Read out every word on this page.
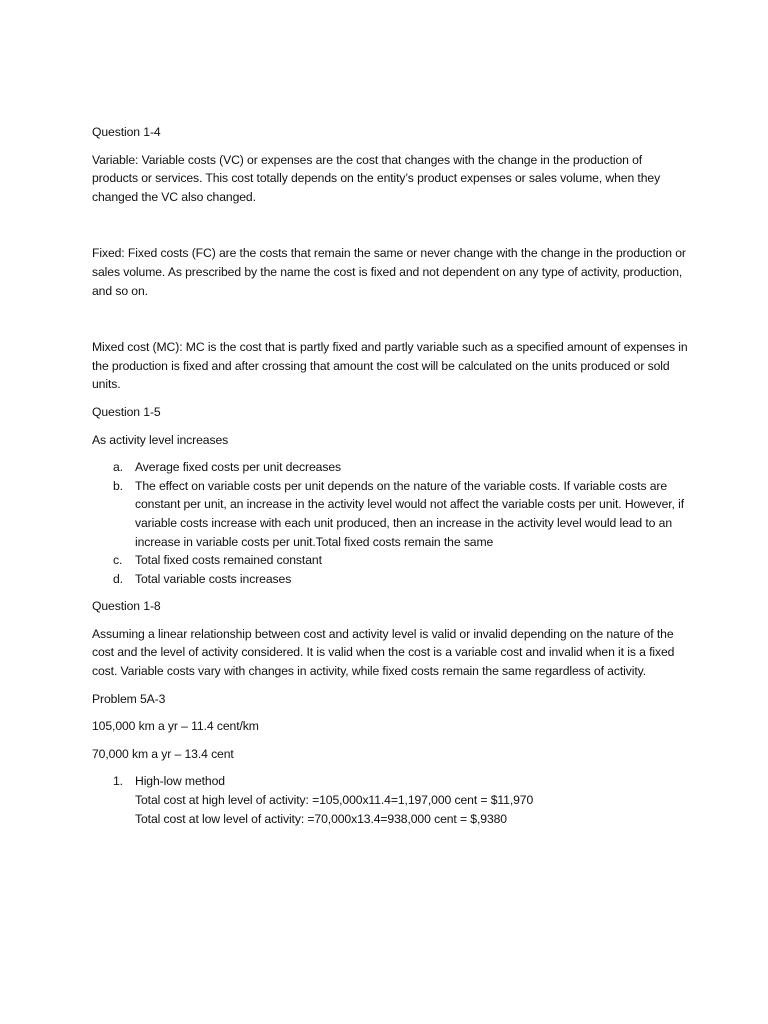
Question 1-4

Variable: Variable costs (VC) or expenses are the cost that changes with the change in the production of products or services. This cost totally depends on the entity’s product expenses or sales volume, when they changed the VC also changed.

Fixed: Fixed costs (FC) are the costs that remain the same or never change with the change in the production or sales volume. As prescribed by the name the cost is fixed and not dependent on any type of activity, production, and so on.

Mixed cost (MC): MC is the cost that is partly fixed and partly variable such as a specified amount of expenses in the production is fixed and after crossing that amount the cost will be calculated on the units produced or sold units.

Question 1-5

As activity level increases

a. Average fixed costs per unit decreases
b. The effect on variable costs per unit depends on the nature of the variable costs. If variable costs are constant per unit, an increase in the activity level would not affect the variable costs per unit. However, if variable costs increase with each unit produced, then an increase in the activity level would lead to an increase in variable costs per unit.Total fixed costs remain the same
c. Total fixed costs remained constant
d. Total variable costs increases

Question 1-8

Assuming a linear relationship between cost and activity level is valid or invalid depending on the nature of the cost and the level of activity considered. It is valid when the cost is a variable cost and invalid when it is a fixed cost. Variable costs vary with changes in activity, while fixed costs remain the same regardless of activity.

Problem 5A-3

105,000 km a yr – 11.4 cent/km

70,000 km a yr – 13.4 cent

1. High-low method
Total cost at high level of activity: =105,000x11.4=1,197,000 cent = $11,970
Total cost at low level of activity: =70,000x13.4=938,000 cent = $,9380
